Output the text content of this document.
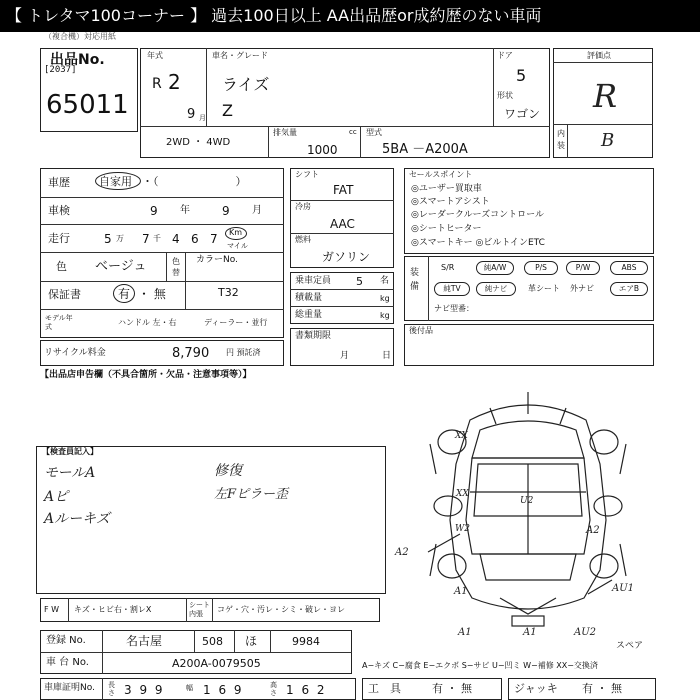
【 トレタマ100コーナー 】 過去100日以上 AA出品歴or成約歴のない車両
（複合機）対応用紙
出品No.
[2037]
65011
年式
R 2
9 月
車名・グレード
ライズ
Z
ドア
5
形状
ワゴン
2WD ・ 4WD
排気量	cc
1000
型式
5BA －A200A
評価点
R
内装 B
車歴	自家用 ・（　　　　　　　）
車検	9 年	9 月
走行	5 万 7 千 4 6 7 Km
マイル
色 ベージュ	色替
カラーNo.
T32
保証書	有 ・ 無
モデル年式	ハンドル 左・右	ディーラー・並行
リサイクル料金	8,790 円 預託済
シフト
FAT
冷房
AAC
燃料
ガソリン
乗車定員 5 名
積載量	kg
総重量	kg
書類期限
月	日
セールスポイント
◎ユーザー買取車
◎スマートアシスト
◎レーダークルーズコントロール
◎シートヒーター
◎スマートキー ◎ビルトインETC
装備
S/R	純A/W	P/S	P/W	ABS
純TV	純ナビ	革シート 外ナビ	エアB
ナビ型番：
後付品
【出品店申告欄（不具合箇所・欠品・注意事項等）】
【検査員記入】
モールA
Aピ
Aルーキズ
修復
左Fピラー歪
XX
XX
U2
W2
A2
A2
A1
A1	A1
AU1
AU2
スペア
F W キズ・ヒビ右・割レX	シート内張	コゲ・穴・汚レ・シミ・破レ・ヨレ
登録 No.	名古屋	508 ほ	9984
車 台 No.	A200A-0079505	A−キズ C−腐食 E−エクボ S−サビ U−凹ミ W−補修 XX−交換済
車庫証明No. 長さ 3 9 9	幅 1 6 9	高さ 1 6 2	工　具	有 ・ 無	ジャッキ 有 ・ 無
